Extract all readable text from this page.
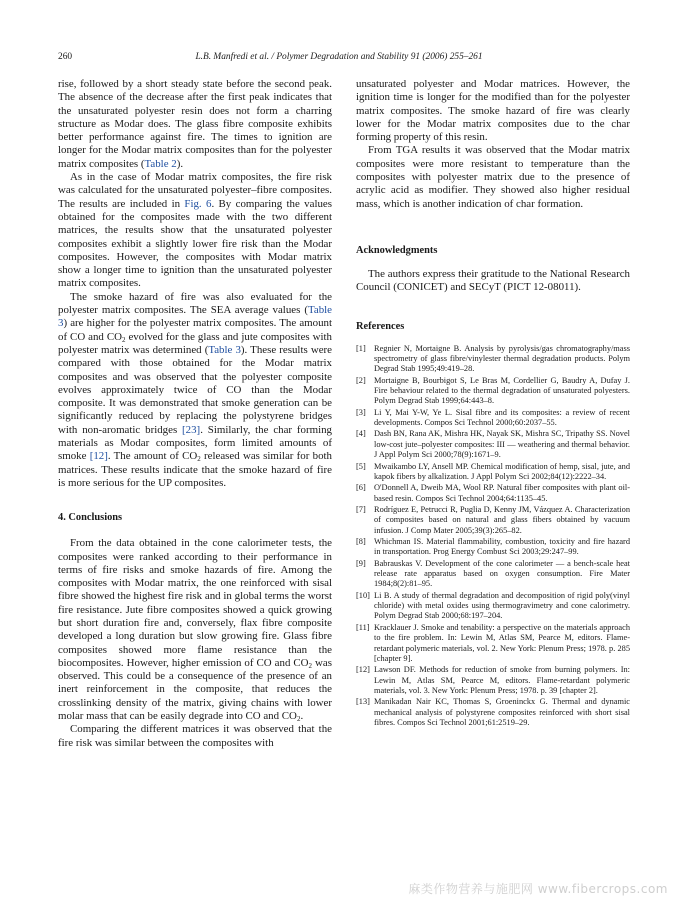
260	L.B. Manfredi et al. / Polymer Degradation and Stability 91 (2006) 255–261

rise, followed by a short steady state before the second peak. The absence of the decrease after the first peak indicates that the unsaturated polyester resin does not form a charring structure as Modar does. The glass fibre composite exhibits better performance against fire. The times to ignition are longer for the Modar matrix composites than for the polyester matrix composites (Table 2).

As in the case of Modar matrix composites, the fire risk was calculated for the unsaturated polyester–fibre composites. The results are included in Fig. 6. By comparing the values obtained for the composites made with the two different matrices, the results show that the unsaturated polyester composites exhibit a slightly lower fire risk than the Modar composites. However, the composites with Modar matrix show a longer time to ignition than the unsaturated polyester matrix composites.

The smoke hazard of fire was also evaluated for the polyester matrix composites. The SEA average values (Table 3) are higher for the polyester matrix composites. The amount of CO and $CO_2$ evolved for the glass and jute composites with polyester matrix was determined (Table 3). These results were compared with those obtained for the Modar matrix composites and was observed that the polyester composite evolves approximately twice of CO than the Modar composite. It was demonstrated that smoke generation can be significantly reduced by replacing the polystyrene bridges with non-aromatic bridges [23]. Similarly, the char forming materials as Modar composites, form limited amounts of smoke [12]. The amount of $CO_2$ released was similar for both matrices. These results indicate that the smoke hazard of fire is more serious for the UP composites.

4. Conclusions

From the data obtained in the cone calorimeter tests, the composites were ranked according to their performance in terms of fire risks and smoke hazards of fire. Among the composites with Modar matrix, the one reinforced with sisal fibre showed the highest fire risk and in global terms the worst fire resistance. Jute fibre composites showed a quick growing but short duration fire and, conversely, flax fibre composite developed a long duration but slow growing fire. Glass fibre composites showed more flame resistance than the biocomposites. However, higher emission of CO and $CO_2$ was observed. This could be a consequence of the presence of an inert reinforcement in the composite, that reduces the crosslinking density of the matrix, giving chains with lower molar mass that can be easily degrade into CO and $CO_2$.

Comparing the different matrices it was observed that the fire risk was similar between the composites with

unsaturated polyester and Modar matrices. However, the ignition time is longer for the modified than for the polyester matrix composites. The smoke hazard of fire was clearly lower for the Modar matrix composites due to the char forming property of this resin.

From TGA results it was observed that the Modar matrix composites were more resistant to temperature than the composites with polyester matrix due to the presence of acrylic acid as modifier. They showed also higher residual mass, which is another indication of char formation.

Acknowledgments

The authors express their gratitude to the National Research Council (CONICET) and SECyT (PICT 12-08011).

References

[1] Regnier N, Mortaigne B. Analysis by pyrolysis/gas chromatography/mass spectrometry of glass fibre/vinylester thermal degradation products. Polym Degrad Stab 1995;49:419–28.
[2] Mortaigne B, Bourbigot S, Le Bras M, Cordellier G, Baudry A, Dufay J. Fire behaviour related to the thermal degradation of unsaturated polyesters. Polym Degrad Stab 1999;64:443–8.
[3] Li Y, Mai Y-W, Ye L. Sisal fibre and its composites: a review of recent developments. Compos Sci Technol 2000;60:2037–55.
[4] Dash BN, Rana AK, Mishra HK, Nayak SK, Mishra SC, Tripathy SS. Novel low-cost jute–polyester composites: III — weathering and thermal behavior. J Appl Polym Sci 2000;78(9):1671–9.
[5] Mwaikambo LY, Ansell MP. Chemical modification of hemp, sisal, jute, and kapok fibers by alkalization. J Appl Polym Sci 2002;84(12):2222–34.
[6] O'Donnell A, Dweib MA, Wool RP. Natural fiber composites with plant oil-based resin. Compos Sci Technol 2004;64:1135–45.
[7] Rodríguez E, Petrucci R, Puglia D, Kenny JM, Vázquez A. Characterization of composites based on natural and glass fibers obtained by vacuum infusion. J Comp Mater 2005;39(3):265–82.
[8] Whichman IS. Material flammability, combustion, toxicity and fire hazard in transportation. Prog Energy Combust Sci 2003;29:247–99.
[9] Babrauskas V. Development of the cone calorimeter — a bench-scale heat release rate apparatus based on oxygen consumption. Fire Mater 1984;8(2):81–95.
[10] Li B. A study of thermal degradation and decomposition of rigid poly(vinyl chloride) with metal oxides using thermogravimetry and cone calorimetry. Polym Degrad Stab 2000;68:197–204.
[11] Kracklauer J. Smoke and tenability: a perspective on the materials approach to the fire problem. In: Lewin M, Atlas SM, Pearce M, editors. Flame-retardant polymeric materials, vol. 2. New York: Plenum Press; 1978. p. 285 [chapter 9].
[12] Lawson DF. Methods for reduction of smoke from burning polymers. In: Lewin M, Atlas SM, Pearce M, editors. Flame-retardant polymeric materials, vol. 3. New York: Plenum Press; 1978. p. 39 [chapter 2].
[13] Manikadan Nair KC, Thomas S, Groeninckx G. Thermal and dynamic mechanical analysis of polystyrene composites reinforced with short sisal fibres. Compos Sci Technol 2001;61:2519–29.
麻类作物营养与施肥网 www.fibercrops.com
